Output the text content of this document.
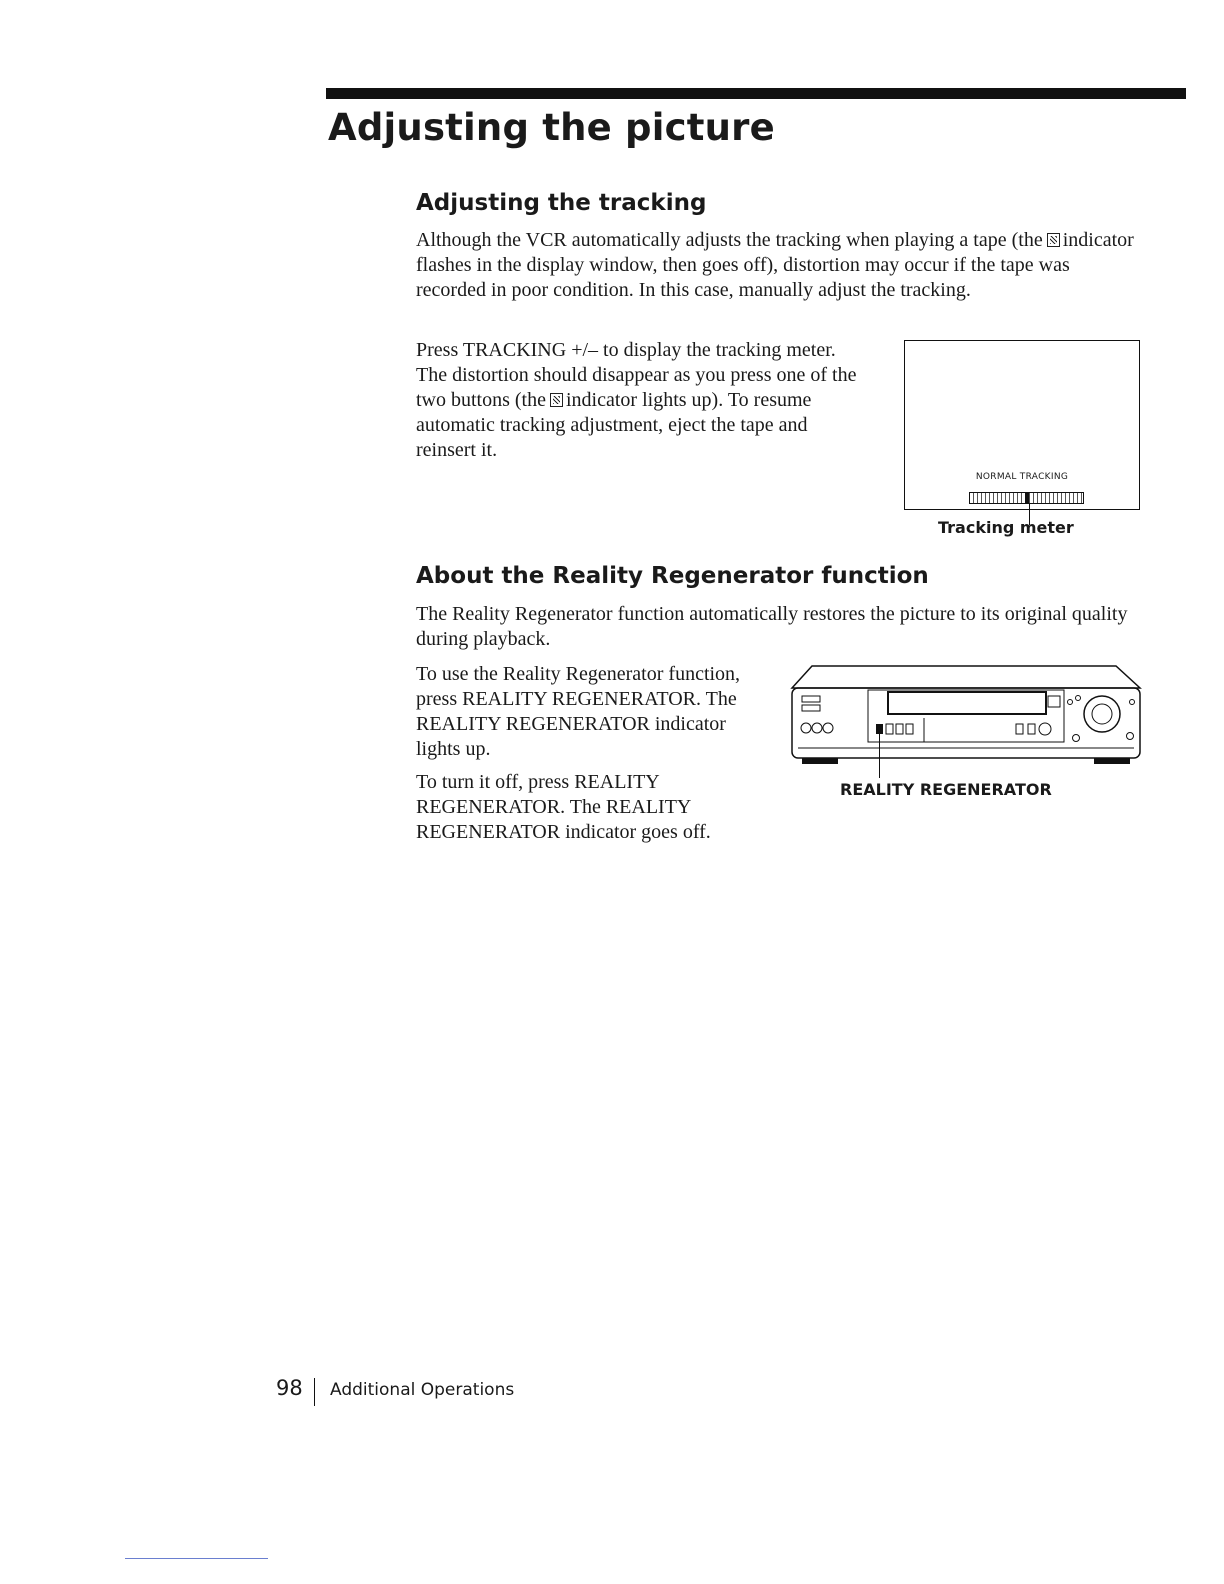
Adjusting the picture
Adjusting the tracking

Although the VCR automatically adjusts the tracking when playing a tape (the indicator flashes in the display window, then goes off), distortion may occur if the tape was recorded in poor condition. In this case, manually adjust the tracking.

Press TRACKING +/– to display the tracking meter. The distortion should disappear as you press one of the two buttons (the indicator lights up). To resume automatic tracking adjustment, eject the tape and reinsert it.

NORMAL TRACKING

Tracking meter

About the Reality Regenerator function

The Reality Regenerator function automatically restores the picture to its original quality during playback.

To use the Reality Regenerator function, press REALITY REGENERATOR. The REALITY REGENERATOR indicator lights up.

To turn it off, press REALITY REGENERATOR. The REALITY REGENERATOR indicator goes off.

REALITY REGENERATOR

98 Additional Operations
